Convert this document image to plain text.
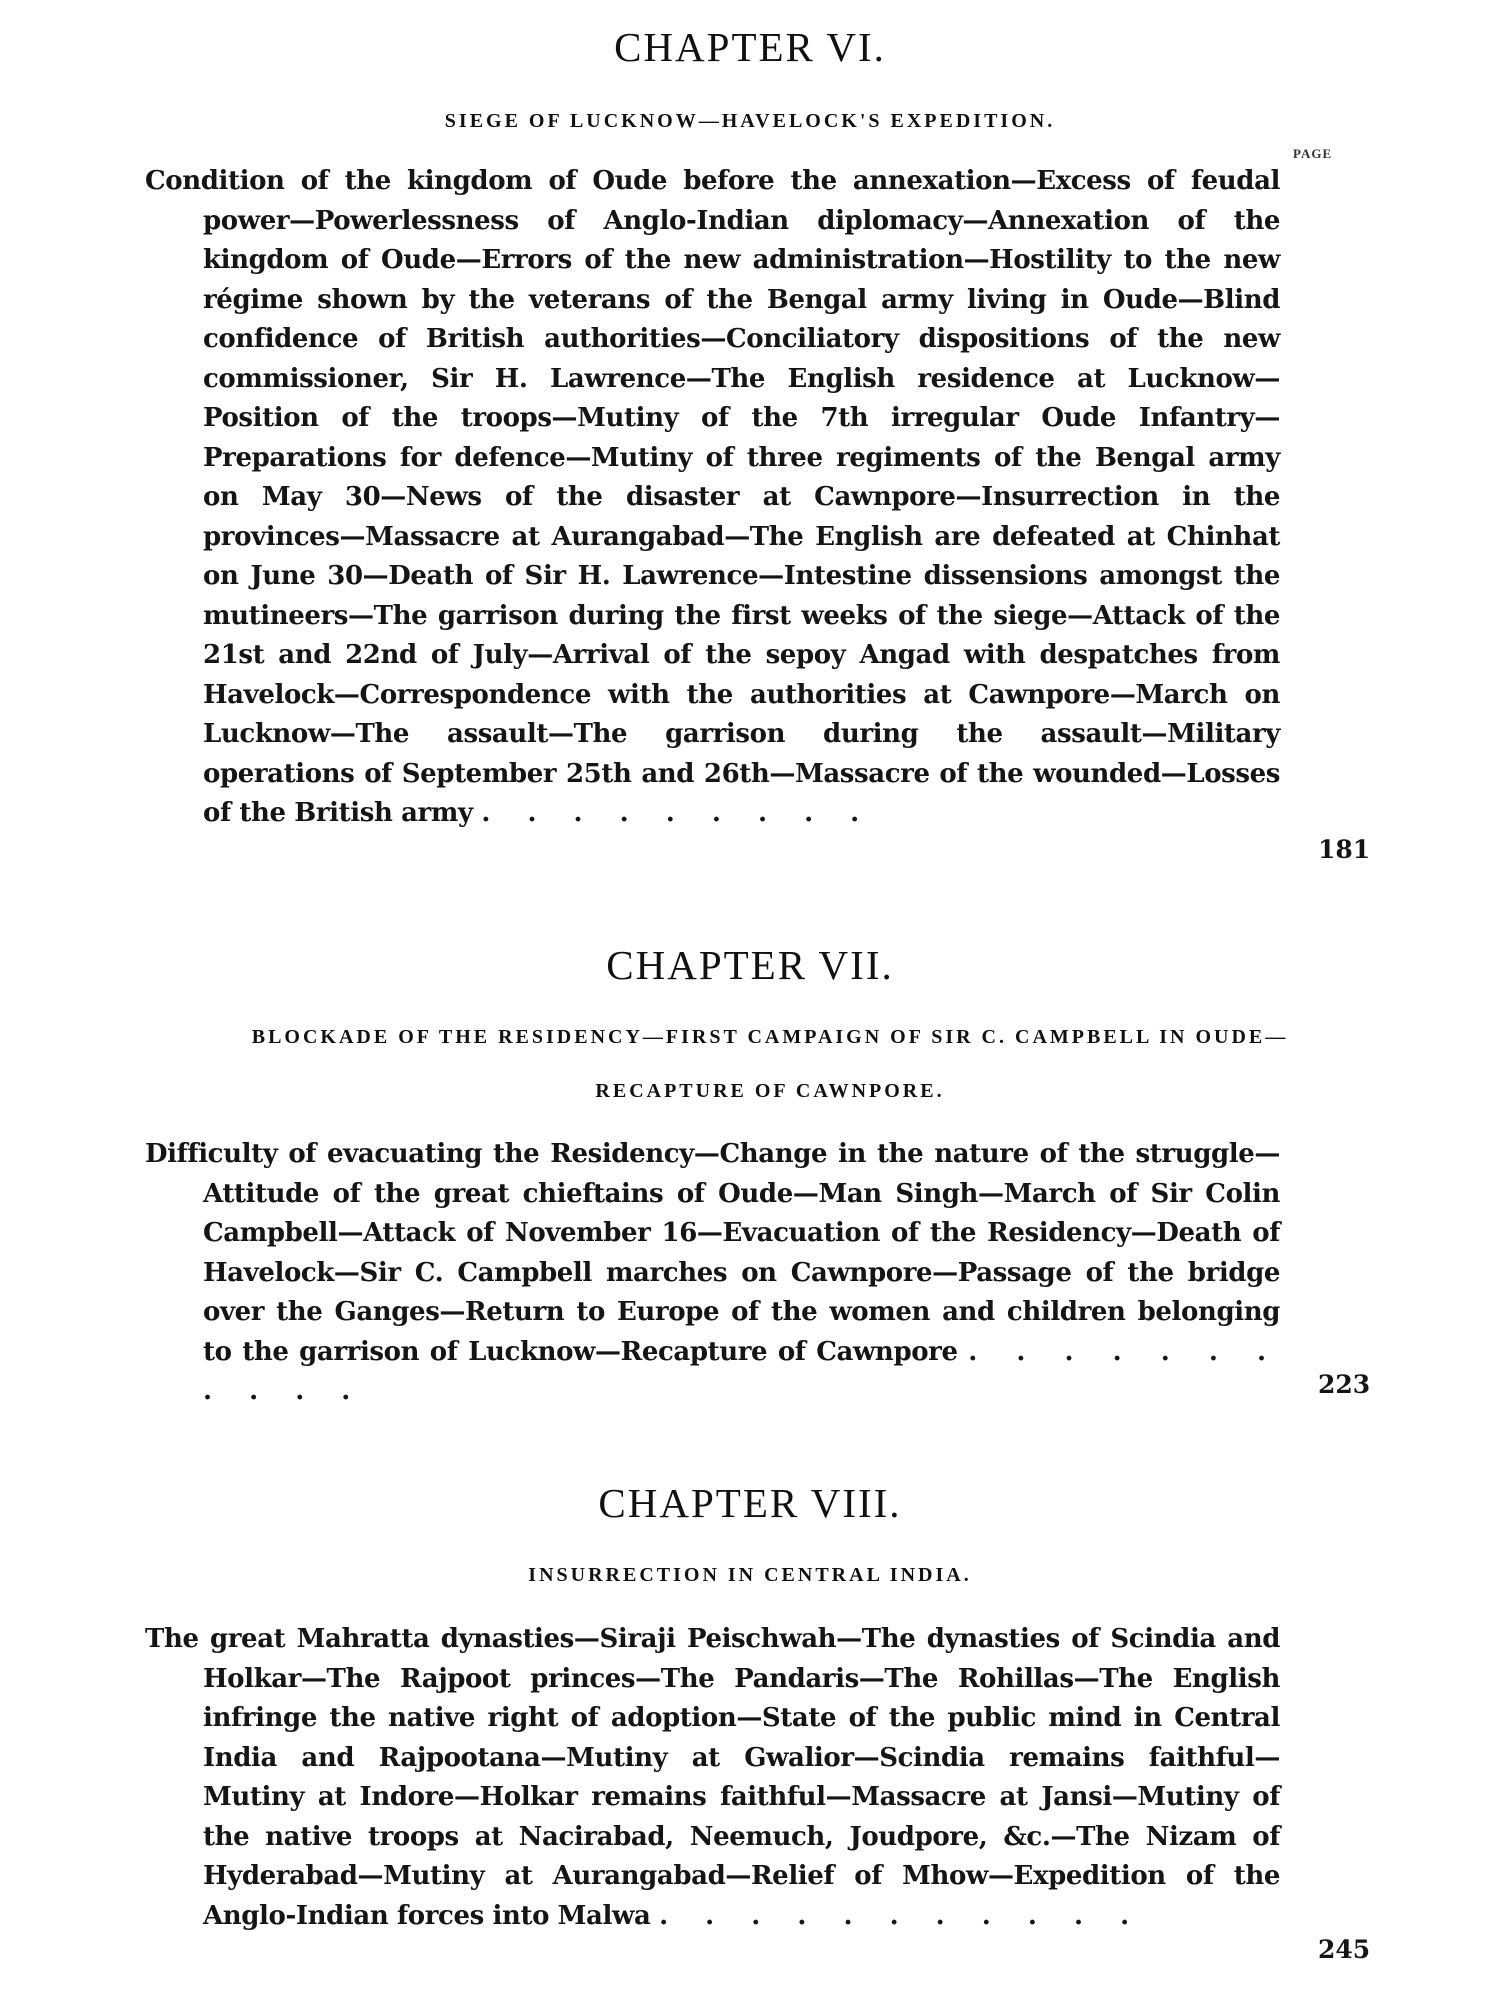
PAGE
CHAPTER VI.
SIEGE OF LUCKNOW—HAVELOCK'S EXPEDITION.
Condition of the kingdom of Oude before the annexation—Excess of feudal power—Powerlessness of Anglo-Indian diplomacy—Annexation of the kingdom of Oude—Errors of the new administration—Hostility to the new régime shown by the veterans of the Bengal army living in Oude—Blind confidence of British authorities—Conciliatory dispositions of the new commissioner, Sir H. Lawrence—The English residence at Lucknow—Position of the troops—Mutiny of the 7th irregular Oude Infantry—Preparations for defence—Mutiny of three regiments of the Bengal army on May 30—News of the disaster at Cawnpore—Insurrection in the provinces—Massacre at Aurangabad—The English are defeated at Chinhat on June 30—Death of Sir H. Lawrence—Intestine dissensions amongst the mutineers—The garrison during the first weeks of the siege—Attack of the 21st and 22nd of July—Arrival of the sepoy Angad with despatches from Havelock—Correspondence with the authorities at Cawnpore—March on Lucknow—The assault—The garrison during the assault—Military operations of September 25th and 26th—Massacre of the wounded—Losses of the British army . . . . . . . . .
181
CHAPTER VII.
BLOCKADE OF THE RESIDENCY—FIRST CAMPAIGN OF SIR C. CAMPBELL IN OUDE—RECAPTURE OF CAWNPORE.
Difficulty of evacuating the Residency—Change in the nature of the struggle—Attitude of the great chieftains of Oude—Man Singh—March of Sir Colin Campbell—Attack of November 16—Evacuation of the Residency—Death of Havelock—Sir C. Campbell marches on Cawnpore—Passage of the bridge over the Ganges—Return to Europe of the women and children belonging to the garrison of Lucknow—Recapture of Cawnpore . . . . . . . . . . .	223
CHAPTER VIII.
INSURRECTION IN CENTRAL INDIA.
The great Mahratta dynasties—Siraji Peischwah—The dynasties of Scindia and Holkar—The Rajpoot princes—The Pandaris—The Rohillas—The English infringe the native right of adoption—State of the public mind in Central India and Rajpootana—Mutiny at Gwalior—Scindia remains faithful—Mutiny at Indore—Holkar remains faithful—Massacre at Jansi—Mutiny of the native troops at Nacirabad, Neemuch, Joudpore, &c.—The Nizam of Hyderabad—Mutiny at Aurangabad—Relief of Mhow—Expedition of the Anglo-Indian forces into Malwa . . . . . . . . . . .
245
